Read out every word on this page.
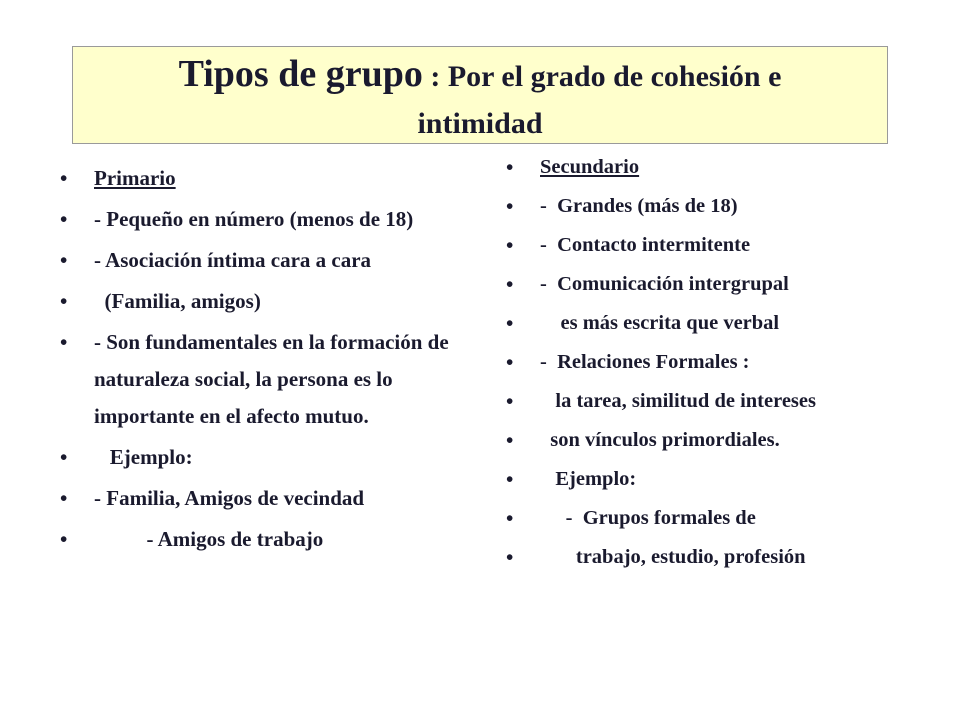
Tipos de grupo : Por el grado de cohesión e
intimidad
• Primario
• - Pequeño en número (menos de 18)
• - Asociación íntima cara a cara
•   (Familia, amigos)
• - Son fundamentales en la formación de naturaleza social, la persona es lo importante en el afecto mutuo.
•    Ejemplo:
• - Familia, Amigos de vecindad
•           - Amigos de trabajo
• Secundario
• -  Grandes (más de 18)
• -  Contacto intermitente
• -  Comunicación intergrupal
•     es más escrita que verbal
• -  Relaciones Formales :
•    la tarea, similitud de intereses
•   son vínculos primordiales.
•    Ejemplo:
•      -  Grupos formales de
•        trabajo, estudio, profesión
